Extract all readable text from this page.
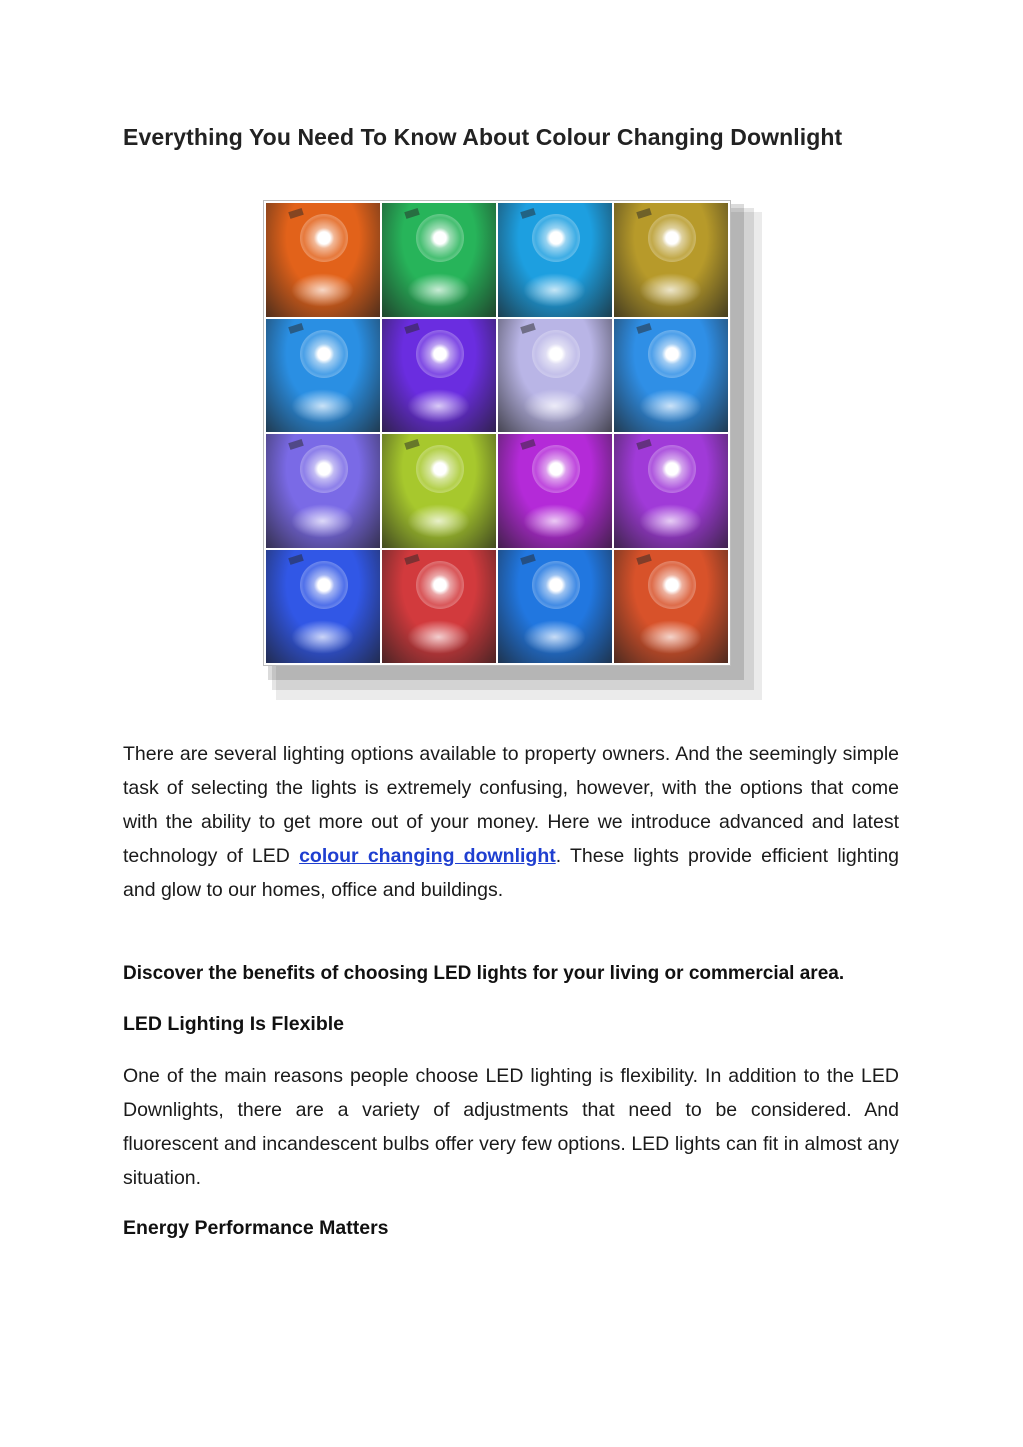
Everything You Need To Know About Colour Changing Downlight

There are several lighting options available to property owners. And the seemingly simple task of selecting the lights is extremely confusing, however, with the options that come with the ability to get more out of your money. Here we introduce advanced and latest technology of LED colour changing downlight. These lights provide efficient lighting and glow to our homes, office and buildings.

Discover the benefits of choosing LED lights for your living or commercial area.

LED Lighting Is Flexible

One of the main reasons people choose LED lighting is flexibility. In addition to the LED Downlights, there are a variety of adjustments that need to be considered. And fluorescent and incandescent bulbs offer very few options. LED lights can fit in almost any situation.

Energy Performance Matters
